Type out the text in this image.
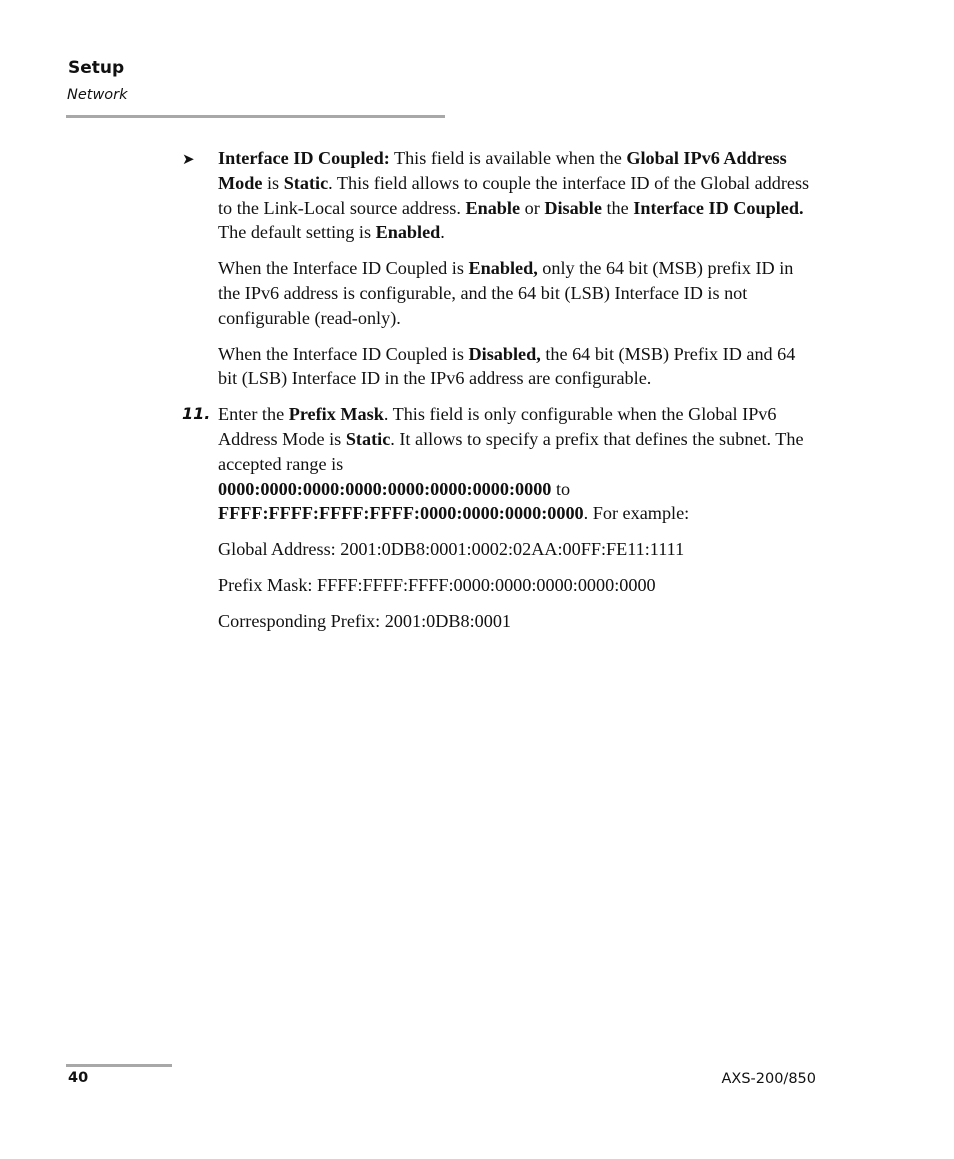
Setup
Network
➤	Interface ID Coupled: This field is available when the Global IPv6 Address Mode is Static. This field allows to couple the interface ID of the Global address to the Link-Local source address. Enable or Disable the Interface ID Coupled. The default setting is Enabled.

When the Interface ID Coupled is Enabled, only the 64 bit (MSB) prefix ID in the IPv6 address is configurable, and the 64 bit (LSB) Interface ID is not configurable (read-only).

When the Interface ID Coupled is Disabled, the 64 bit (MSB) Prefix ID and 64 bit (LSB) Interface ID in the IPv6 address are configurable.

11. Enter the Prefix Mask. This field is only configurable when the Global IPv6 Address Mode is Static. It allows to specify a prefix that defines the subnet. The accepted range is
0000:0000:0000:0000:0000:0000:0000:0000 to
FFFF:FFFF:FFFF:FFFF:0000:0000:0000:0000. For example:

Global Address: 2001:0DB8:0001:0002:02AA:00FF:FE11:1111

Prefix Mask: FFFF:FFFF:FFFF:0000:0000:0000:0000:0000

Corresponding Prefix: 2001:0DB8:0001

40	AXS-200/850
